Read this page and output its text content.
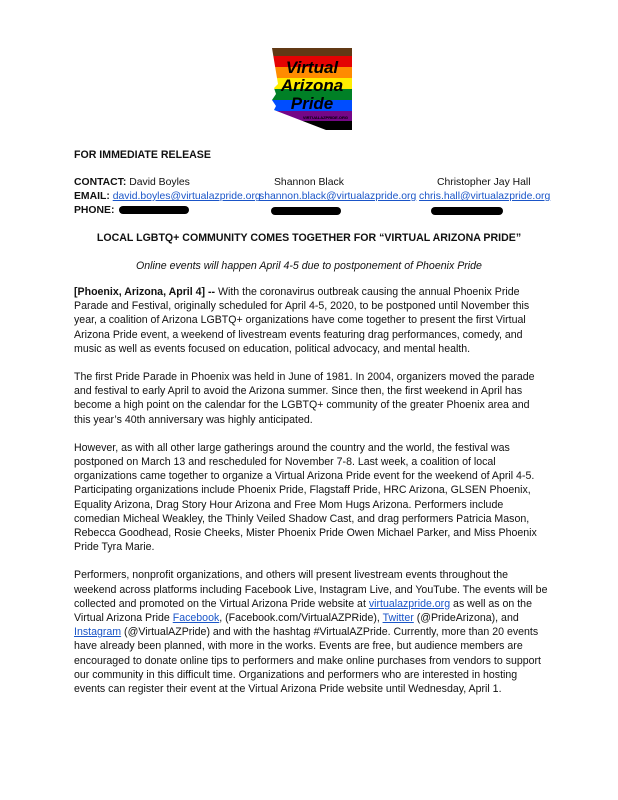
Virtual
Arizona
Pride
VIRTUALAZPRIDE.ORG
FOR IMMEDIATE RELEASE
CONTACT: David Boyles	Shannon Black	Christopher Jay Hall
EMAIL: david.boyles@virtualazpride.org
shannon.black@virtualazpride.org chris.hall@virtualazpride.org
PHONE:
LOCAL LGBTQ+ COMMUNITY COMES TOGETHER FOR “VIRTUAL ARIZONA PRIDE”
Online events will happen April 4-5 due to postponement of Phoenix Pride

[Phoenix, Arizona, April 4] -- With the coronavirus outbreak causing the annual Phoenix Pride Parade and Festival, originally scheduled for April 4-5, 2020, to be postponed until November this year, a coalition of Arizona LGBTQ+ organizations have come together to present the first Virtual Arizona Pride event, a weekend of livestream events featuring drag performances, comedy, and music as well as events focused on education, political advocacy, and mental health.

The first Pride Parade in Phoenix was held in June of 1981. In 2004, organizers moved the parade and festival to early April to avoid the Arizona summer. Since then, the first weekend in April has become a high point on the calendar for the LGBTQ+ community of the greater Phoenix area and this year’s 40th anniversary was highly anticipated.

However, as with all other large gatherings around the country and the world, the festival was postponed on March 13 and rescheduled for November 7-8. Last week, a coalition of local organizations came together to organize a Virtual Arizona Pride event for the weekend of April 4-5. Participating organizations include Phoenix Pride, Flagstaff Pride, HRC Arizona, GLSEN Phoenix, Equality Arizona, Drag Story Hour Arizona and Free Mom Hugs Arizona. Performers include comedian Micheal Weakley, the Thinly Veiled Shadow Cast, and drag performers Patricia Mason, Rebecca Goodhead, Rosie Cheeks, Mister Phoenix Pride Owen Michael Parker, and Miss Phoenix Pride Tyra Marie.

Performers, nonprofit organizations, and others will present livestream events throughout the weekend across platforms including Facebook Live, Instagram Live, and YouTube. The events will be collected and promoted on the Virtual Arizona Pride website at virtualazpride.org as well as on the Virtual Arizona Pride Facebook, (Facebook.com/VirtualAZPRide), Twitter (@PrideArizona), and Instagram (@VirtualAZPride) and with the hashtag #VirtualAZPride. Currently, more than 20 events have already been planned, with more in the works. Events are free, but audience members are encouraged to donate online tips to performers and make online purchases from vendors to support our community in this difficult time. Organizations and performers who are interested in hosting events can register their event at the Virtual Arizona Pride website until Wednesday, April 1.
